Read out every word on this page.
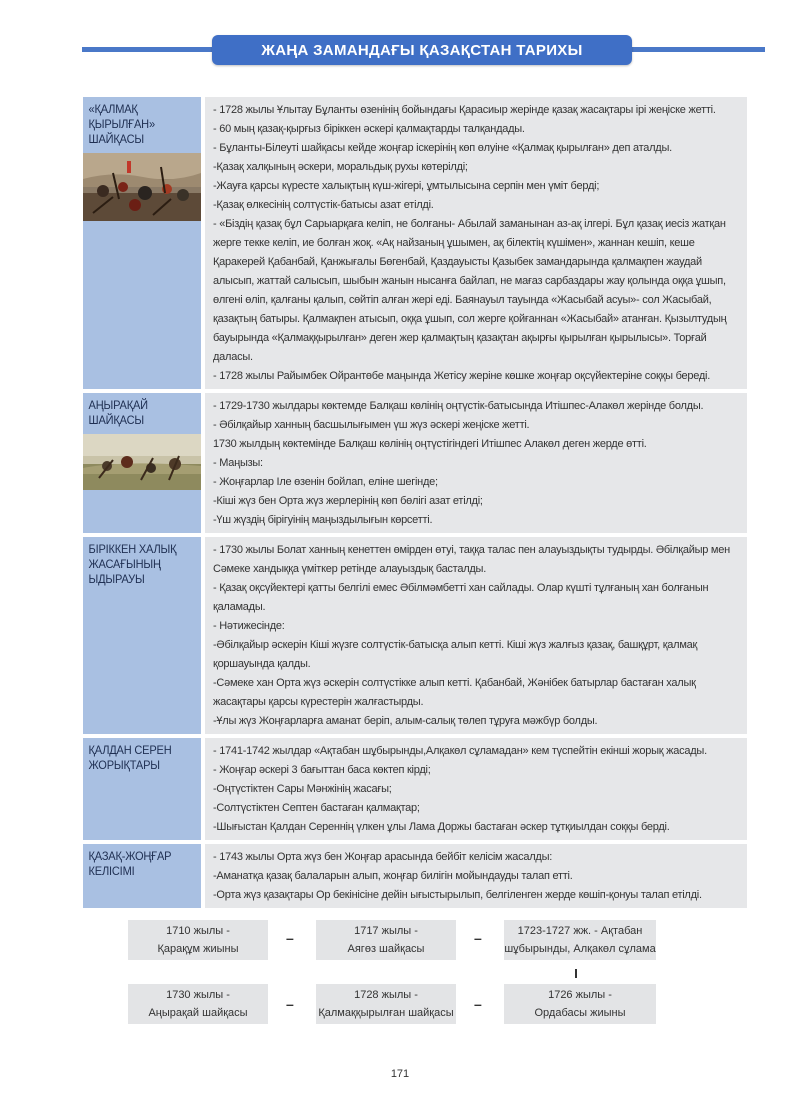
ЖАҢА ЗАМАНДАҒЫ ҚАЗАҚСТАН ТАРИХЫ
«ҚАЛМАҚ ҚЫРЫЛҒАН» ШАЙҚАСЫ

- 1728 жылы Ұлытау Бұланты өзенінің бойындағы Қарасиыр жерінде қазақ жасақтары ірі жеңіске жетті.

- 60 мың қазақ-қырғыз біріккен әскері қалмақтарды талқандады.

- Бұланты-Білеуті шайқасы кейде жоңғар іскерінің көп өлуіне «Қалмақ қырылған» деп аталды.

-Қазақ халқының әскери, моральдық рухы көтерілді;

-Жауға қарсы күресте халықтың күш-жігері, ұмтылысына серпін мен үміт берді;

-Қазақ өлкесінің солтүстік-батысы азат етілді.

- «Біздің қазақ бұл Сарыарқаға келіп, не болғаны- Абылай заманынан аз-ақ ілгері. Бұл қазақ иесіз жатқан жерге текке келіп, ие болған жоқ. «Ақ найзаның ұшымен, ақ білектің күшімен», жаннан кешіп, кеше Қаракерей Қабанбай, Қанжығалы Бөгенбай, Қаздауысты Қазыбек замандарында қалмақпен жаудай алысып, жаттай салысып, шыбын жанын нысанға байлап, не мағаз сарбаздары жау қолында оққа ұшып, өлгені өліп, қалғаны қалып, сөйтіп алған жері еді. Баянауыл тауында «Жасыбай асуы»- сол Жасыбай, қазақтың батыры. Қалмақпен атысып, оққа ұшып, сол жерге қойғаннан «Жасыбай» атанған. Қызылтудың бауырында «Қалмаққырылған» деген жер қалмақтың қазақтан ақырғы қырылған қырылысы». Торғай даласы.

- 1728 жылы Райымбек Ойрантөбе маңында Жетісу жеріне көшке жоңғар оқсүйектеріне соққы береді.

АҢЫРАҚАЙ ШАЙҚАСЫ

- 1729-1730 жылдары көктемде Балқаш көлінің оңтүстік-батысында Итішпес-Алакөл жерінде болды.

- Әбілқайыр ханның басшылығымен үш жүз әскері жеңіске жетті.

1730 жылдың көктемінде Балқаш көлінің оңтүстігіндегі Итішпес Алакөл деген жерде өтті.

- Маңызы:

- Жоңғарлар Іле өзенін бойлап, еліне шегінде;

-Кіші жүз бен Орта жүз жерлерінің көп бөлігі азат етілді;

-Үш жүздің бірігуінің маңыздылығын көрсетті.

БІРІККЕН ХАЛЫҚ ЖАСАҒЫНЫҢ ЫДЫРАУЫ

- 1730 жылы Болат ханның кенеттен өмірден өтуі, таққа талас пен алауыздықты тудырды. Әбілқайыр мен Сәмеке хандыққа үміткер ретінде алауыздық басталды.

- Қазақ оқсүйектері қатты белгілі емес Әбілмәмбетті хан сайлады. Олар күшті тұлғаның хан болғанын қаламады.

- Нәтижесінде:

-Әбілқайыр әскерін Кіші жүзге солтүстік-батысқа алып кетті. Кіші жүз жалғыз қазақ, башқұрт, қалмақ қоршауында қалды.

-Сәмеке хан Орта жүз әскерін солтүстікке алып кетті. Қабанбай, Жәнібек батырлар бастаған халық жасақтары қарсы күрестерін жалғастырды.

-Ұлы жүз Жоңғарларға аманат беріп, алым-салық төлеп тұруға мәжбүр болды.

ҚАЛДАН СЕРЕН ЖОРЫҚТАРЫ

- 1741-1742 жылдар «Ақтабан шұбырынды,Алқакөл сұламадан» кем түспейтін екінші жорық жасады.

- Жоңғар әскері 3 бағыттан баса көктеп кірді;

-Оңтүстіктен Сары Мәнжінің жасағы;

-Солтүстіктен Септен бастаған қалмақтар;

-Шығыстан Қалдан Сереннің үлкен ұлы Лама Доржы бастаған әскер тұтқиылдан соққы берді.

ҚАЗАҚ-ЖОҢҒАР КЕЛІСІМІ

- 1743 жылы Орта жүз бен Жоңғар арасында бейбіт келісім жасалды:

-Аманатқа қазақ балаларын алып, жоңғар билігін мойындауды талап етті.

-Орта жүз қазақтары Ор бекінісіне дейін ығыстырылып, белгіленген жерде көшіп-қонуы талап етілді.

1710 жылы -
Қарақұм жиыны
–	1717 жылы -
Аягөз шайқасы
–	1723-1727 жж. - Ақтабан
шұбырынды, Алқакөл сұлама
1730 жылы -
Аңырақай шайқасы
–
1728 жылы -
Қалмаққырылған шайқасы
–
1726 жылы -
Ордабасы жиыны
171
